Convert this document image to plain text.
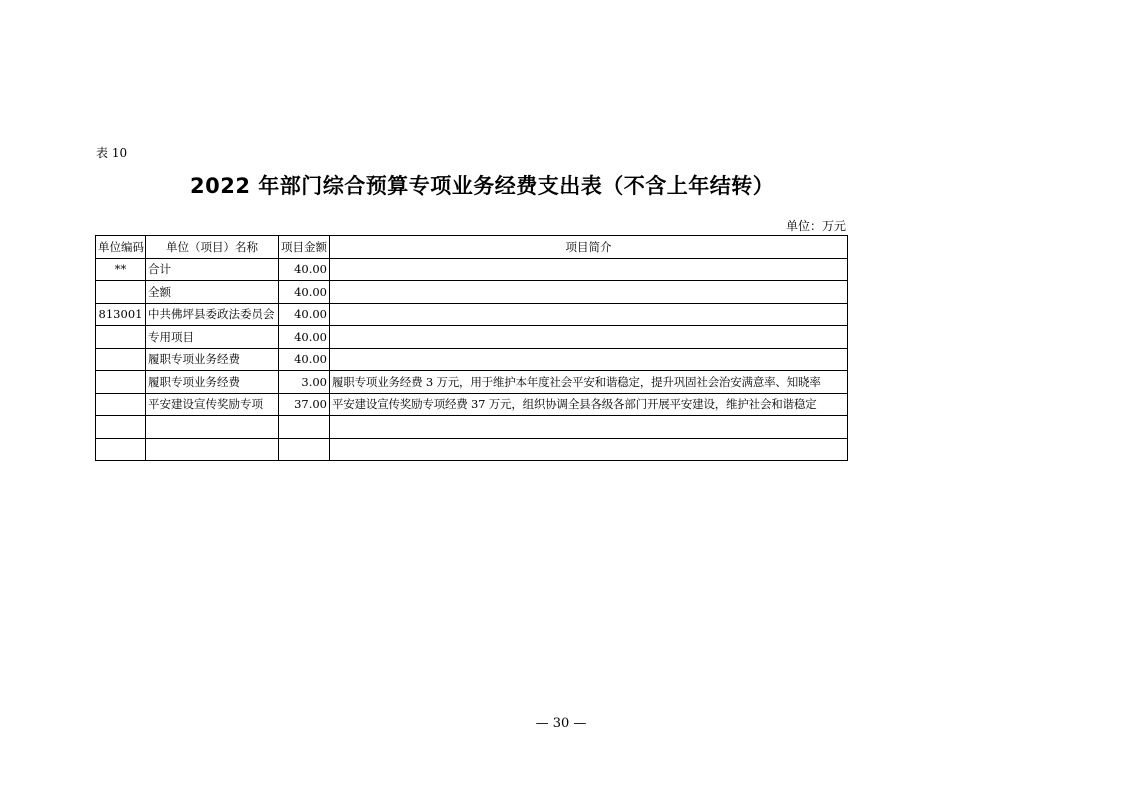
表 10
2022 年部门综合预算专项业务经费支出表（不含上年结转）
单位：万元
单位编码	单位（项目）名称	项目金额	项目简介
**	合计	40.00	
	全额	40.00	
813001	中共佛坪县委政法委员会	40.00	
	专用项目	40.00	
	履职专项业务经费	40.00	
	履职专项业务经费	3.00	履职专项业务经费 3 万元，用于维护本年度社会平安和谐稳定，提升巩固社会治安满意率、知晓率
	平安建设宣传奖励专项	37.00	平安建设宣传奖励专项经费 37 万元，组织协调全县各级各部门开展平安建设，维护社会和谐稳定

— 30 —
